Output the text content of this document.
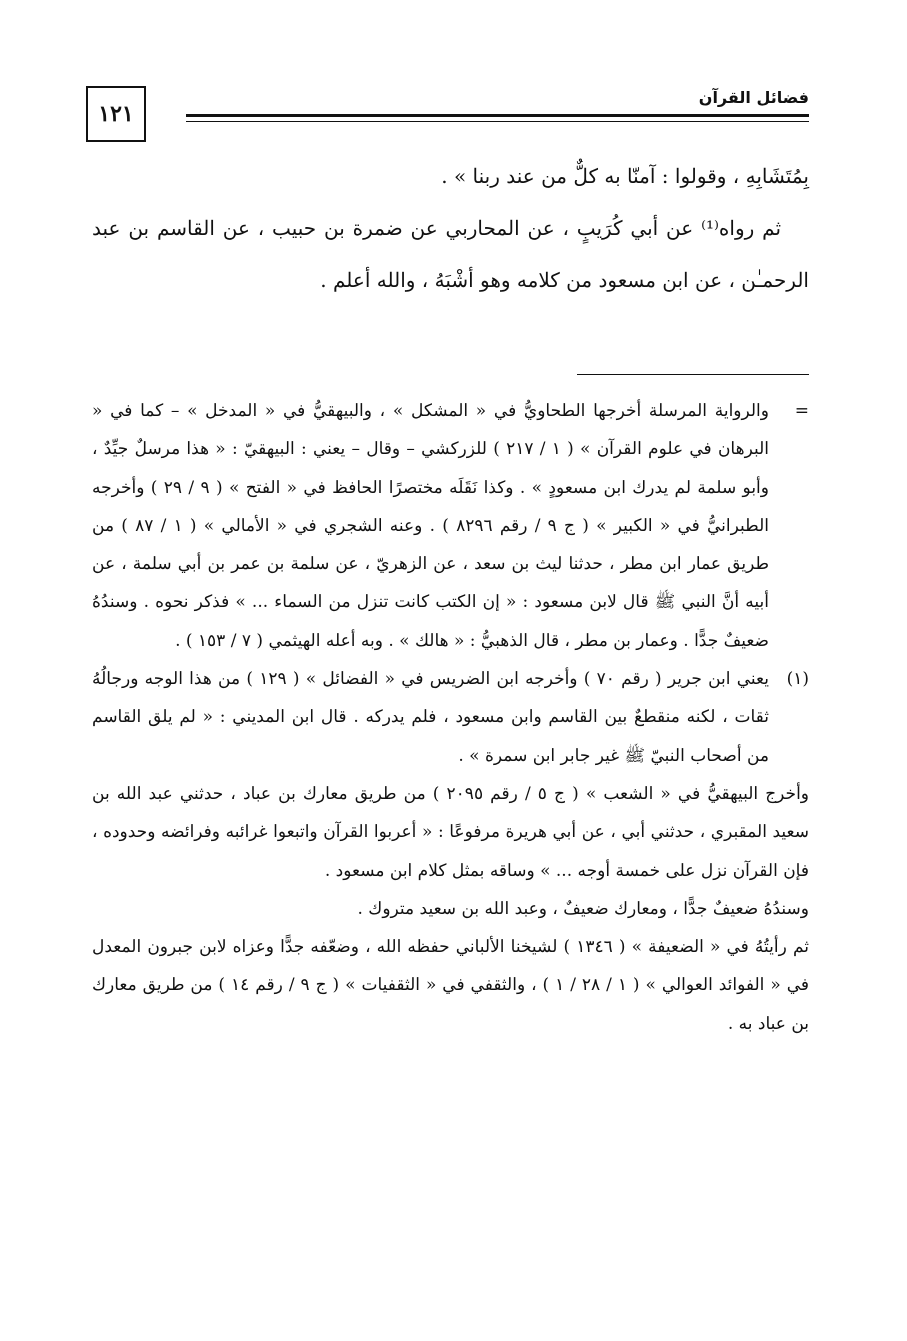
١٢١
فضائل القرآن

بِمُتَشَابِهِ ، وقولوا : آمنّا به كلٌّ من عند ربنا » .

ثم رواه⁽¹⁾ عن أبي كُرَيبٍ ، عن المحاربي عن ضمرة بن حبيب ، عن القاسم بن عبد الرحمـٰن ، عن ابن مسعود من كلامه وهو أشْبَهُ ، والله أعلم .

=

والرواية المرسلة أخرجها الطحاويُّ في « المشكل » ، والبيهقيُّ في « المدخل » – كما في « البرهان في علوم القرآن » ( ١ / ٢١٧ ) للزركشي – وقال – يعني : البيهقيّ : « هذا مرسلٌ جيِّدٌ ، وأبو سلمة لم يدرك ابن مسعودٍ » . وكذا نَقَلَه مختصرًا الحافظ في « الفتح » ( ٩ / ٢٩ ) وأخرجه الطبرانيُّ في « الكبير » ( ج ٩ / رقم ٨٢٩٦ ) . وعنه الشجري في « الأمالي » ( ١ / ٨٧ ) من طريق عمار ابن مطر ، حدثنا ليث بن سعد ، عن الزهريّ ، عن سلمة بن عمر بن أبي سلمة ، عن أبيه أنَّ النبي ﷺ قال لابن مسعود : « إن الكتب كانت تنزل من السماء ... » فذكر نحوه . وسندُهُ ضعيفٌ جدًّا . وعمار بن مطر ، قال الذهبيُّ : « هالك » . وبه أعله الهيثمي ( ٧ / ١٥٣ ) .

(١)

يعني ابن جرير ( رقم ٧٠ ) وأخرجه ابن الضريس في « الفضائل » ( ١٢٩ ) من هذا الوجه ورجالُهُ ثقات ، لكنه منقطعٌ بين القاسم وابن مسعود ، فلم يدركه . قال ابن المديني : « لم يلق القاسم من أصحاب النبيّ ﷺ غير جابر ابن سمرة » .

وأخرج البيهقيُّ في « الشعب » ( ج ٥ / رقم ٢٠٩٥ ) من طريق معارك بن عباد ، حدثني عبد الله بن سعيد المقبري ، حدثني أبي ، عن أبي هريرة مرفوعًا : « أعربوا القرآن واتبعوا غرائبه وفرائضه وحدوده ، فإن القرآن نزل على خمسة أوجه ... » وساقه بمثل كلام ابن مسعود .

وسندُهُ ضعيفٌ جدًّا ، ومعارك ضعيفٌ ، وعبد الله بن سعيد متروك .

ثم رأيتُهُ في « الضعيفة » ( ١٣٤٦ ) لشيخنا الألباني حفظه الله ، وضعّفه جدًّا وعزاه لابن جبرون المعدل في « الفوائد العوالي » ( ١ / ٢٨ / ١ ) ، والثقفي في « الثقفيات » ( ج ٩ / رقم ١٤ ) من طريق معارك بن عباد به .
